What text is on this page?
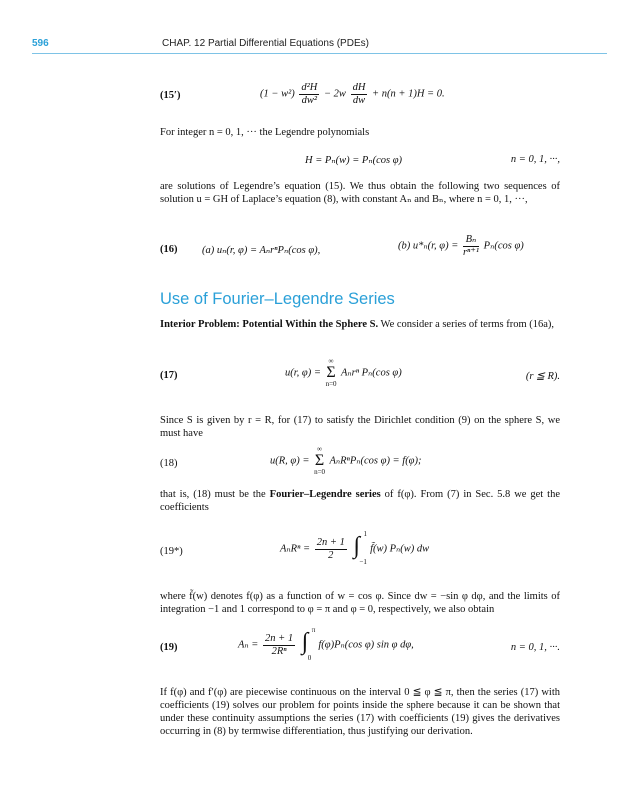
596	CHAP. 12 Partial Differential Equations (PDEs)
(15′)	$(1 - w^2) \frac{\text{d²H}}{\text{dw²}} - 2w \frac{dH}{dw} + n(n + 1)H = 0$.
For integer n = 0, 1, ··· the Legendre polynomials
H = Pₙ(w) = Pₙ(cos φ)	n = 0, 1, ···,
are solutions of Legendre’s equation (15). We thus obtain the following two sequences of solution u = GH of Laplace’s equation (8), with constant Aₙ and Bₙ, where n = 0, 1, ···,
(16) (a) uₙ(r, φ) = AₙrⁿPₙ(cos φ),	(b) u*ₙ(r, $\varphi) = \frac{\text{Bₙ}}{\text{rⁿ⁺¹}} P_n(\cos$ φ)
Use of Fourier–Legendre Series
Interior Problem: Potential Within the Sphere S. We consider a series of terms from (16a),
(17)	u(r, φ) =
∞
Σ
n=0
Aₙrⁿ Pₙ(cos φ)	(r ≦ R).
Since S is given by r = R, for (17) to satisfy the Dirichlet condition (9) on the sphere S, we must have
(18)	u(R, φ) =
∞
Σ
n=0
AₙRⁿPₙ(cos φ) = f(φ);
that is, (18) must be the Fourier–Legendre series of f(φ). From (7) in Sec. 5.8 we get the coefficients
(19*)	$A_nR^n = \frac{2n + 1}{2}$
∫ 1
−1
f̃(w) Pₙ(w) dw
where f̃(w) denotes f(φ) as a function of w = cos φ. Since dw = −sin φ dφ, and the limits of integration −1 and 1 correspond to φ = π and φ = 0, respectively, we also obtain
(19)	$A_n = \frac{2n + 1}{\text{2Rⁿ}}$
∫ π
0
f(φ)Pₙ(cos φ) sin φ dφ,	n = 0, 1, ···.
If f(φ) and f′(φ) are piecewise continuous on the interval 0 ≦ φ ≦ π, then the series (17) with coefficients (19) solves our problem for points inside the sphere because it can be shown that under these continuity assumptions the series (17) with coefficients (19) gives the derivatives occurring in (8) by termwise differentiation, thus justifying our derivation.
